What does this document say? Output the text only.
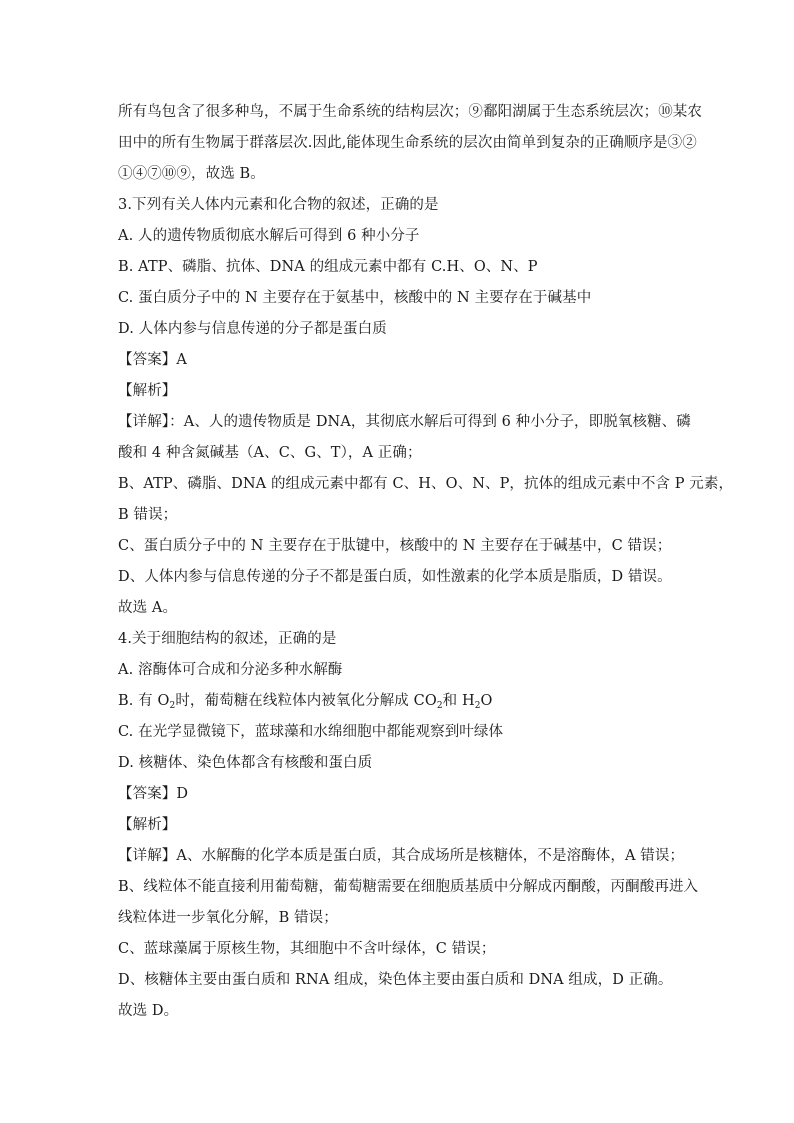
所有鸟包含了很多种鸟，不属于生命系统的结构层次；⑨鄱阳湖属于生态系统层次；⑩某农
田中的所有生物属于群落层次.因此,能体现生命系统的层次由简单到复杂的正确顺序是③②
①④⑦⑩⑨，故选 B。
3.下列有关人体内元素和化合物的叙述，正确的是
A. 人的遗传物质彻底水解后可得到 6 种小分子
B. ATP、磷脂、抗体、DNA 的组成元素中都有 C.H、O、N、P
C. 蛋白质分子中的 N 主要存在于氨基中，核酸中的 N 主要存在于碱基中
D. 人体内参与信息传递的分子都是蛋白质
【答案】A
【解析】
【详解】：A、人的遗传物质是 DNA，其彻底水解后可得到 6 种小分子，即脱氧核糖、磷
酸和 4 种含氮碱基（A、C、G、T），A 正确；
B、ATP、磷脂、DNA 的组成元素中都有 C、H、O、N、P，抗体的组成元素中不含 P 元素，
B 错误；
C、蛋白质分子中的 N 主要存在于肽键中，核酸中的 N 主要存在于碱基中，C 错误；
D、人体内参与信息传递的分子不都是蛋白质，如性激素的化学本质是脂质，D 错误。
故选 A。
4.关于细胞结构的叙述，正确的是
A. 溶酶体可合成和分泌多种水解酶
B. 有 $O_2$时，葡萄糖在线粒体内被氧化分解成 $CO_2$和 $H_2O$
C. 在光学显微镜下，蓝球藻和水绵细胞中都能观察到叶绿体
D. 核糖体、染色体都含有核酸和蛋白质
【答案】D
【解析】
【详解】A、水解酶的化学本质是蛋白质，其合成场所是核糖体，不是溶酶体，A 错误；
B、线粒体不能直接利用葡萄糖，葡萄糖需要在细胞质基质中分解成丙酮酸，丙酮酸再进入
线粒体进一步氧化分解，B 错误；
C、蓝球藻属于原核生物，其细胞中不含叶绿体，C 错误；
D、核糖体主要由蛋白质和 RNA 组成，染色体主要由蛋白质和 DNA 组成，D 正确。
故选 D。
